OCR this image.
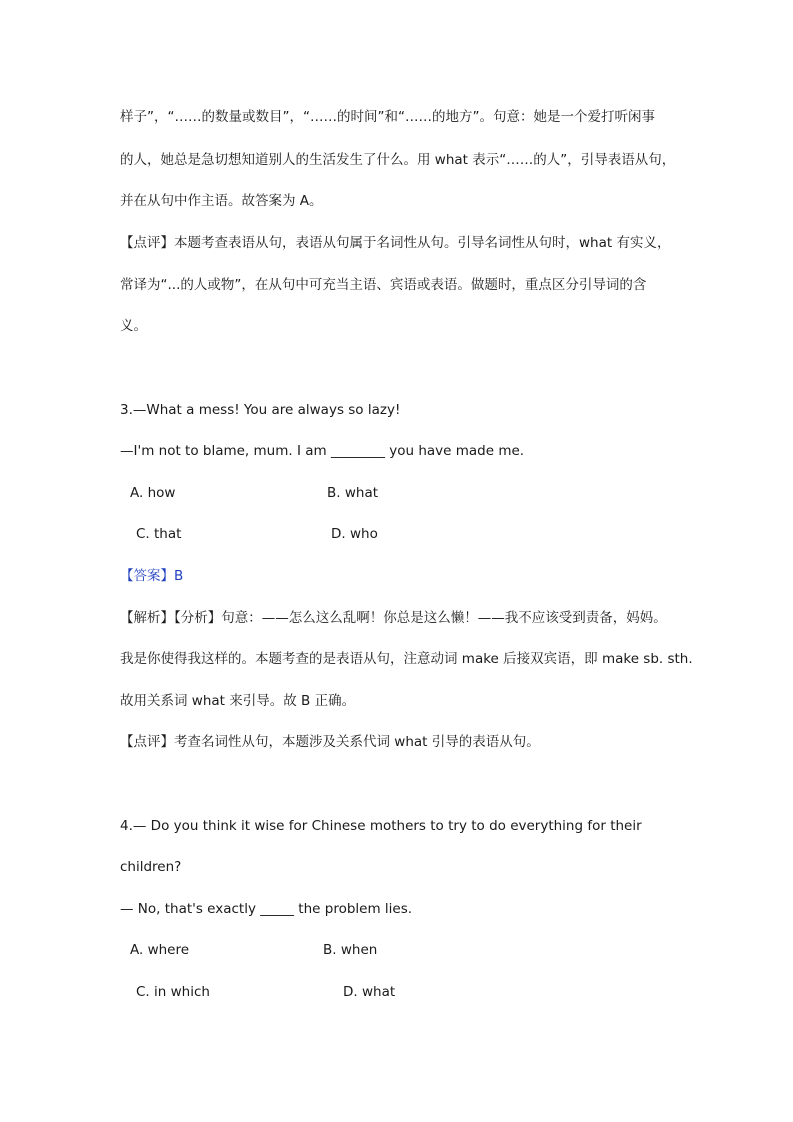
样子”，“……的数量或数目”，“……的时间”和“……的地方”。句意：她是一个爱打听闲事
的人，她总是急切想知道别人的生活发生了什么。用 what 表示“……的人”，引导表语从句，
并在从句中作主语。故答案为 A。
【点评】本题考查表语从句，表语从句属于名词性从句。引导名词性从句时，what 有实义，
常译为“...的人或物”，在从句中可充当主语、宾语或表语。做题时，重点区分引导词的含
义。
3.—What a mess! You are always so lazy!
—I'm not to blame, mum. I am ________ you have made me.
A. how	B. what
C. that	D. who
【答案】B
【解析】【分析】句意：——怎么这么乱啊！你总是这么懒！——我不应该受到责备，妈妈。
我是你使得我这样的。本题考查的是表语从句，注意动词 make 后接双宾语，即 make sb. sth.
故用关系词 what 来引导。故 B 正确。
【点评】考查名词性从句，本题涉及关系代词 what 引导的表语从句。
4.— Do you think it wise for Chinese mothers to try to do everything for their
children?
— No, that's exactly _____ the problem lies.
A. where	B. when
C. in which	D. what
